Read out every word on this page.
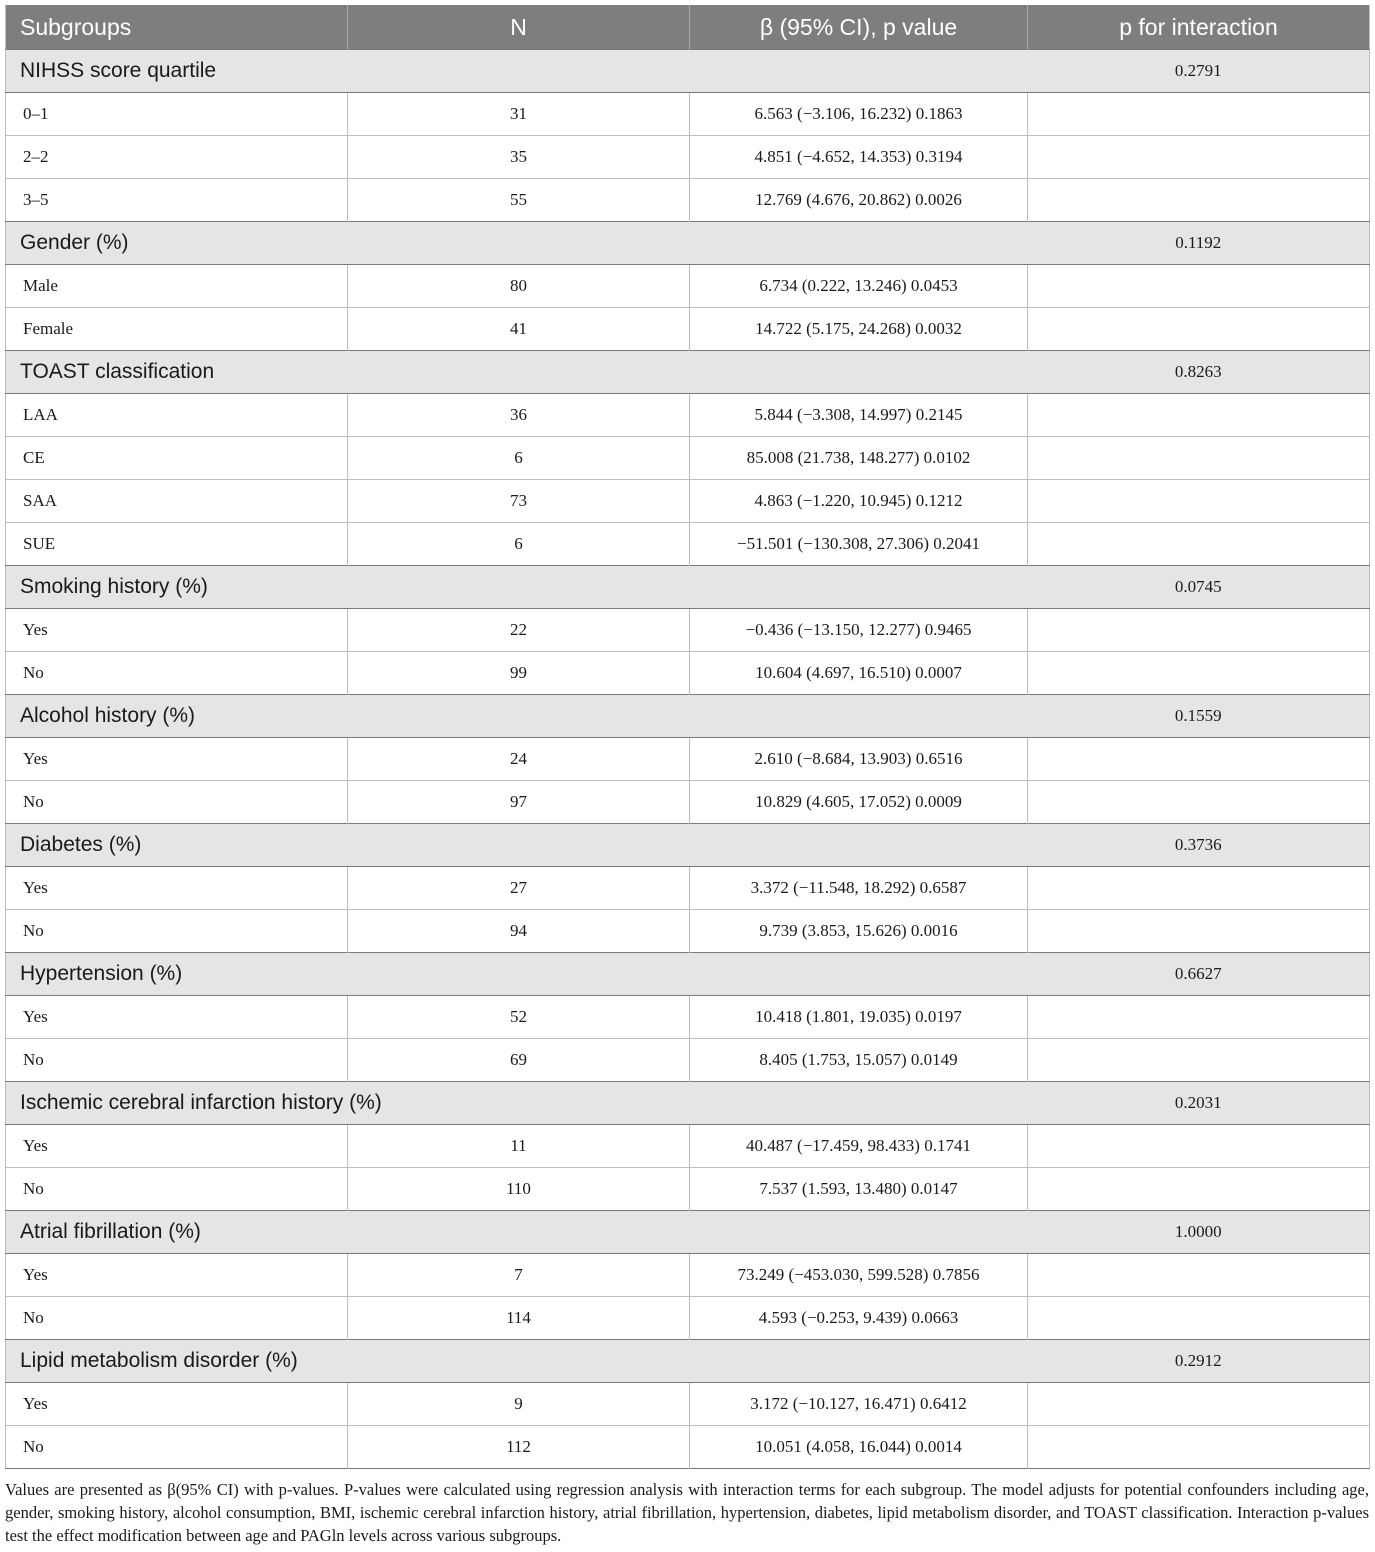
Subgroups	N	β (95% CI), p value	p for interaction
NIHSS score quartile			0.2791
0–1	31	6.563 (−3.106, 16.232) 0.1863	
2–2	35	4.851 (−4.652, 14.353) 0.3194	
3–5	55	12.769 (4.676, 20.862) 0.0026	
Gender (%)			0.1192
Male	80	6.734 (0.222, 13.246) 0.0453	
Female	41	14.722 (5.175, 24.268) 0.0032	
TOAST classification			0.8263
LAA	36	5.844 (−3.308, 14.997) 0.2145	
CE	6	85.008 (21.738, 148.277) 0.0102	
SAA	73	4.863 (−1.220, 10.945) 0.1212	
SUE	6	−51.501 (−130.308, 27.306) 0.2041	
Smoking history (%)			0.0745
Yes	22	−0.436 (−13.150, 12.277) 0.9465	
No	99	10.604 (4.697, 16.510) 0.0007	
Alcohol history (%)			0.1559
Yes	24	2.610 (−8.684, 13.903) 0.6516	
No	97	10.829 (4.605, 17.052) 0.0009	
Diabetes (%)			0.3736
Yes	27	3.372 (−11.548, 18.292) 0.6587	
No	94	9.739 (3.853, 15.626) 0.0016	
Hypertension (%)			0.6627
Yes	52	10.418 (1.801, 19.035) 0.0197	
No	69	8.405 (1.753, 15.057) 0.0149	
Ischemic cerebral infarction history (%)			0.2031
Yes	11	40.487 (−17.459, 98.433) 0.1741	
No	110	7.537 (1.593, 13.480) 0.0147	
Atrial fibrillation (%)			1.0000
Yes	7	73.249 (−453.030, 599.528) 0.7856	
No	114	4.593 (−0.253, 9.439) 0.0663	
Lipid metabolism disorder (%)			0.2912
Yes	9	3.172 (−10.127, 16.471) 0.6412	
No	112	10.051 (4.058, 16.044) 0.0014	
Values are presented as β(95% CI) with p-values. P-values were calculated using regression analysis with interaction terms for each subgroup. The model adjusts for potential confounders including age, gender, smoking history, alcohol consumption, BMI, ischemic cerebral infarction history, atrial fibrillation, hypertension, diabetes, lipid metabolism disorder, and TOAST classification. Interaction p-values test the effect modification between age and PAGln levels across various subgroups.
